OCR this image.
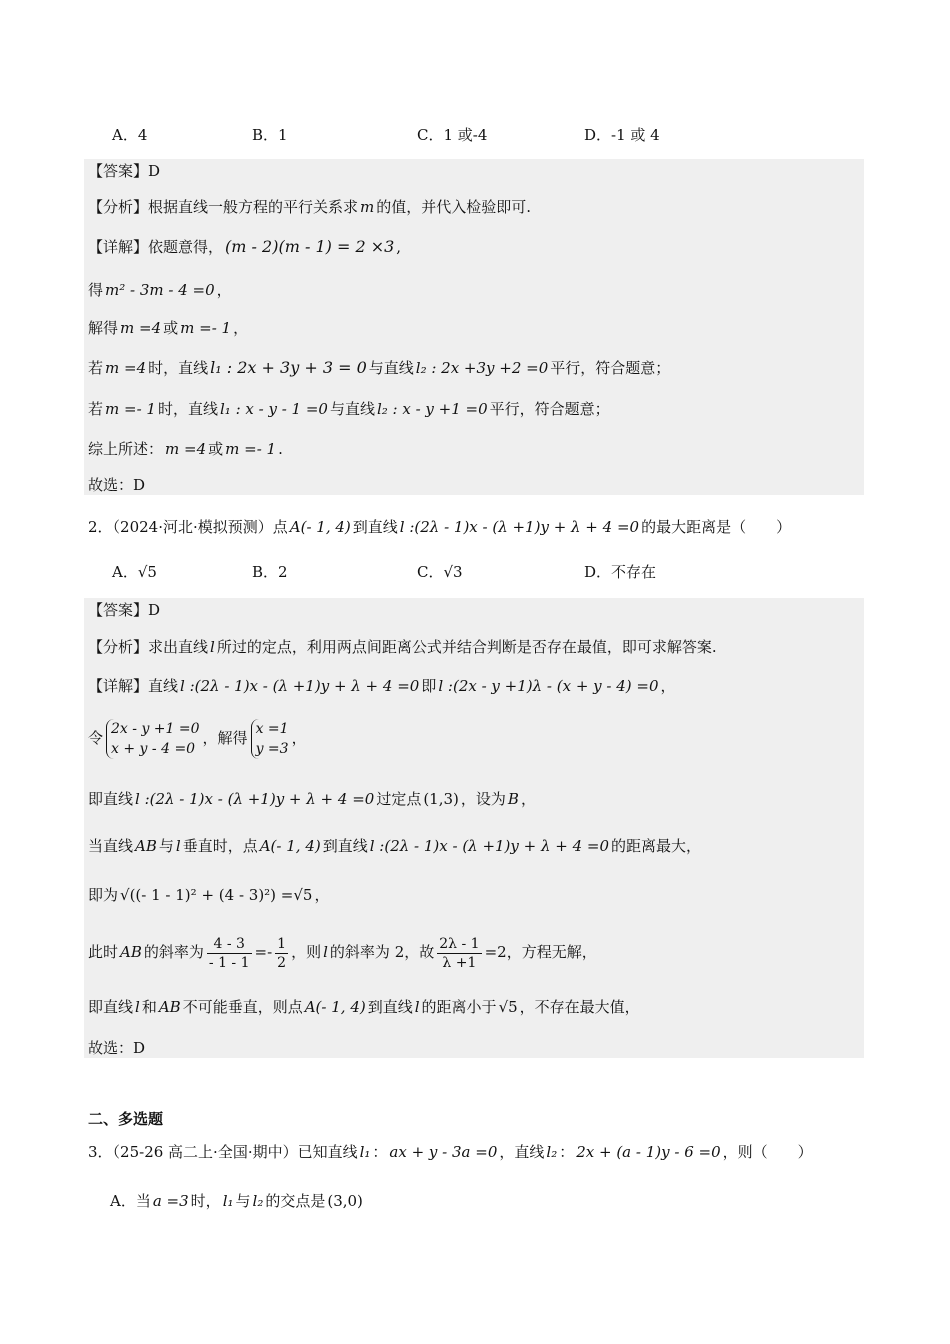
A．4	B．1	C．1 或-4	D．-1 或 4
【答案】D
【分析】根据直线一般方程的平行关系求 m 的值，并代入检验即可.
【详解】依题意得， (m - 2)(m - 1) = 2 ×3 ,
得 m² - 3m - 4 =0 ，
解得 m =4 或 m =- 1 ，
若 m =4 时，直线 l₁ : 2x + 3y + 3 = 0 与直线 l₂ : 2x +3y +2 =0 平行，符合题意；
若 m =- 1 时，直线 l₁ : x - y - 1 =0 与直线 l₂ : x - y +1 =0 平行，符合题意；
综上所述： m =4 或 m =- 1 .
故选：D
2．（2024·河北·模拟预测）点 A(- 1, 4) 到直线 l :(2λ - 1)x - (λ +1)y + λ + 4 =0 的最大距离是（　　）
A．√5	B．2	C．√3	D．不存在
【答案】D
【分析】求出直线 l 所过的定点，利用两点间距离公式并结合判断是否存在最值，即可求解答案.
【详解】直线 l :(2λ - 1)x - (λ +1)y + λ + 4 =0 即 l :(2x - y +1)λ - (x + y - 4) =0 ，
令 2x - y +1 =0
x + y - 4 =0
，解得 x =1
y =3
，
即直线 l :(2λ - 1)x - (λ +1)y + λ + 4 =0 过定点 (1,3) ，设为 B ，
当直线 AB 与 l 垂直时，点 A(- 1, 4) 到直线 l :(2λ - 1)x - (λ +1)y + λ + 4 =0 的距离最大，
即为 √((- 1 - 1)² + (4 - 3)²) =√5 ，
此时 AB 的斜率为 $\frac{4 - 3}{- 1 - 1} =- \frac{1}{2}$ ，则 l 的斜率为 2，故 $\frac{2\lambda - 1}{\lambda +1} =2$，方程无解，
即直线 l 和 AB 不可能垂直，则点 A(- 1, 4) 到直线 l 的距离小于 √5 ，不存在最大值，
故选：D
二、多选题
3．（25-26 高二上·全国·期中）已知直线 l₁ ： ax + y - 3a =0 ，直线 l₂ ： 2x + (a - 1)y - 6 =0 ，则（　　）
A．当 a =3 时， l₁ 与 l₂ 的交点是 (3,0)
